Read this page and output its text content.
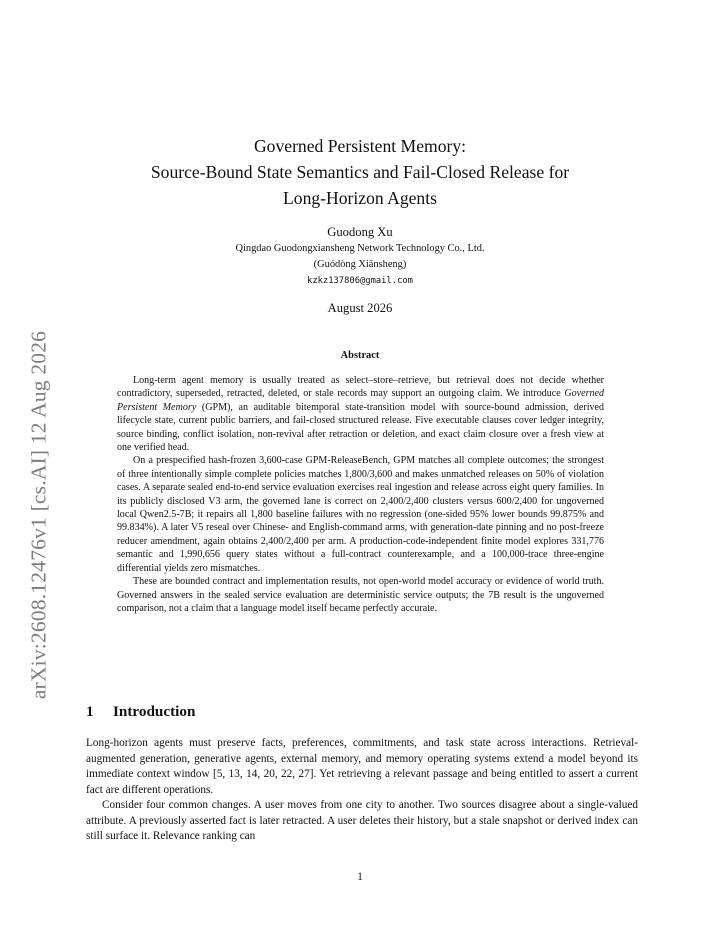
arXiv:2608.12476v1 [cs.AI] 12 Aug 2026
Governed Persistent Memory:
Source-Bound State Semantics and Fail-Closed Release for
Long-Horizon Agents
Guodong Xu
Qingdao Guodongxiansheng Network Technology Co., Ltd.
(Guódòng Xiānsheng)
kzkz137806@gmail.com
August 2026
Abstract

Long-term agent memory is usually treated as select–store–retrieve, but retrieval does not decide whether contradictory, superseded, retracted, deleted, or stale records may support an outgoing claim. We introduce Governed Persistent Memory (GPM), an auditable bitemporal state-transition model with source-bound admission, derived lifecycle state, current public barriers, and fail-closed structured release. Five executable clauses cover ledger integrity, source binding, conflict isolation, non-revival after retraction or deletion, and exact claim closure over a fresh view at one verified head.

On a prespecified hash-frozen 3,600-case GPM-ReleaseBench, GPM matches all complete outcomes; the strongest of three intentionally simple complete policies matches 1,800/3,600 and makes unmatched releases on 50% of violation cases. A separate sealed end-to-end service evaluation exercises real ingestion and release across eight query families. In its publicly disclosed V3 arm, the governed lane is correct on 2,400/2,400 clusters versus 600/2,400 for ungoverned local Qwen2.5-7B; it repairs all 1,800 baseline failures with no regression (one-sided 95% lower bounds 99.875% and 99.834%). A later V5 reseal over Chinese- and English-command arms, with generation-date pinning and no post-freeze reducer amendment, again obtains 2,400/2,400 per arm. A production-code-independent finite model explores 331,776 semantic and 1,990,656 query states without a full-contract counterexample, and a 100,000-trace three-engine differential yields zero mismatches.

These are bounded contract and implementation results, not open-world model accuracy or evidence of world truth. Governed answers in the sealed service evaluation are deterministic service outputs; the 7B result is the ungoverned comparison, not a claim that a language model itself became perfectly accurate.

1 Introduction

Long-horizon agents must preserve facts, preferences, commitments, and task state across interactions. Retrieval-augmented generation, generative agents, external memory, and memory operating systems extend a model beyond its immediate context window [5, 13, 14, 20, 22, 27]. Yet retrieving a relevant passage and being entitled to assert a current fact are different operations.

Consider four common changes. A user moves from one city to another. Two sources disagree about a single-valued attribute. A previously asserted fact is later retracted. A user deletes their history, but a stale snapshot or derived index can still surface it. Relevance ranking can

1
